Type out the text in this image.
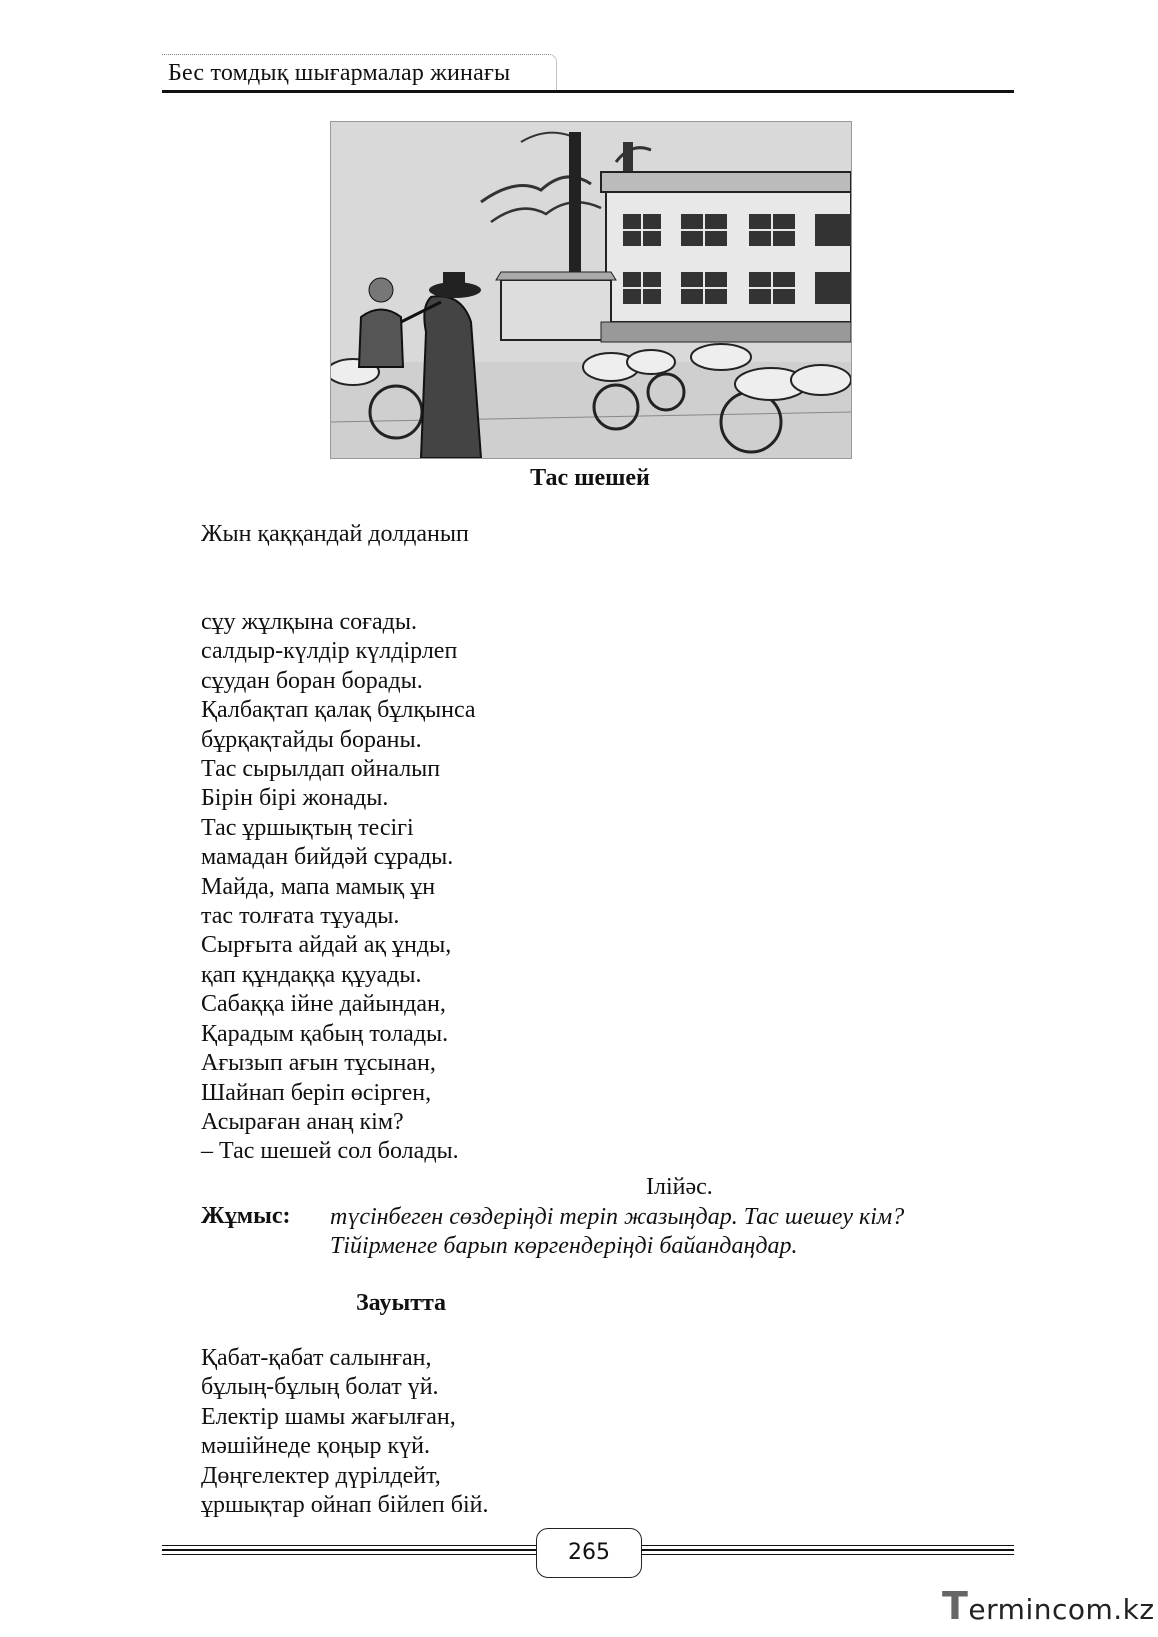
Бес томдық шығармалар жинағы
Тас шешей
Жын қаққандай долданып
сұу жұлқына соғады.
салдыр-күлдір күлдірлеп
сұудан боран борады.
Қалбақтап қалақ бұлқынса
бұрқақтайды бораны.
Тас сырылдап ойналып
Бірін бірі жонады.
Тас ұршықтың тесігі
мамадан бийдәй сұрады.
Майда, мапа мамық ұн
тас толғата тұуады.
Сырғыта айдай ақ ұнды,
қап құндаққа құуады.
Сабаққа ійне дайындан,
Қарадым қабың толады.
Ағызып ағын тұсынан,
Шайнап беріп өсірген,
Асыраған анаң кім?
– Тас шешей сол болады.
Ілійәс.
Жұмыс: түсінбеген сөздеріңді теріп жазыңдар. Тас шешеу кім?
Тійірменге барып көргендеріңді байандаңдар.
Зауытта
Қабат-қабат салынған,
бұлың-бұлың болат үй.
Електір шамы жағылған,
мәшійнеде қоңыр күй.
Дөңгелектер дүрілдейт,
ұршықтар ойнап бійлеп бій.
265
Termincom.kz
